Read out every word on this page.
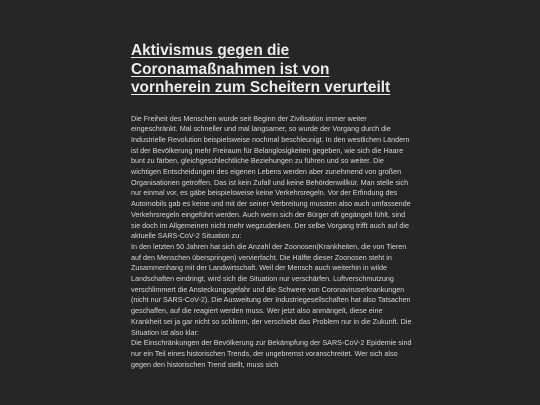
Aktivismus gegen die Coronamaßnahmen ist von vornherein zum Scheitern verurteilt

Die Freiheit des Menschen wurde seit Beginn der Zivilisation immer weiter eingeschränkt. Mal schneller und mal langsamer, so wurde der Vorgang durch die Industrielle Revolution beispielsweise nochmal beschleunigt. In den westlichen Ländern ist der Bevölkerung mehr Freiraum für Belanglosigkeiten gegeben, wie sich die Haare bunt zu färben, gleichgeschlechtliche Beziehungen zu führen und so weiter. Die wichtigen Entscheidungen des eigenen Lebens werden aber zunehmend von großen Organisationen getroffen. Das ist kein Zufall und keine Behördenwillkür. Man stelle sich nur einmal vor, es gäbe beispielsweise keine Verkehrsregeln. Vor der Erfindung des Automobils gab es keine und mit der seiner Verbreitung mussten also auch umfassende Verkehrsregeln eingeführt werden. Auch wenn sich der Bürger oft gegängelt fühlt, sind sie doch im Allgemeinen nicht mehr wegzudenken. Der selbe Vorgang trifft auch auf die aktuelle SARS-CoV-2 Situation zu:
In den letzten 50 Jahren hat sich die Anzahl der Zoonosen(Krankheiten, die von Tieren auf den Menschen überspringen) vervierfacht. Die Hälfte dieser Zoonosen steht in Zusammenhang mit der Landwirtschaft. Weil der Mensch auch weiterhin in wilde Landschaften eindringt, wird sich die Situation nur verschärfen. Luftverschmutzung verschlimmert die Ansteckungsgefahr und die Schwere von Coronaviruserkrankungen (nicht nur SARS-CoV-2). Die Ausweitung der Industriegesellschaften hat also Tatsachen geschaffen, auf die reagiert werden muss. Wer jetzt also anmängelt, diese eine Krankheit sei ja gar nicht so schlimm, der verschiebt das Problem nur in die Zukunft. Die Situation ist also klar:
Die Einschränkungen der Bevölkerung zur Bekämpfung der SARS-CoV-2 Epidemie sind nur ein Teil eines historischen Trends, der ungebremst voranschreitet. Wer sich also gegen den historischen Trend stellt, muss sich
